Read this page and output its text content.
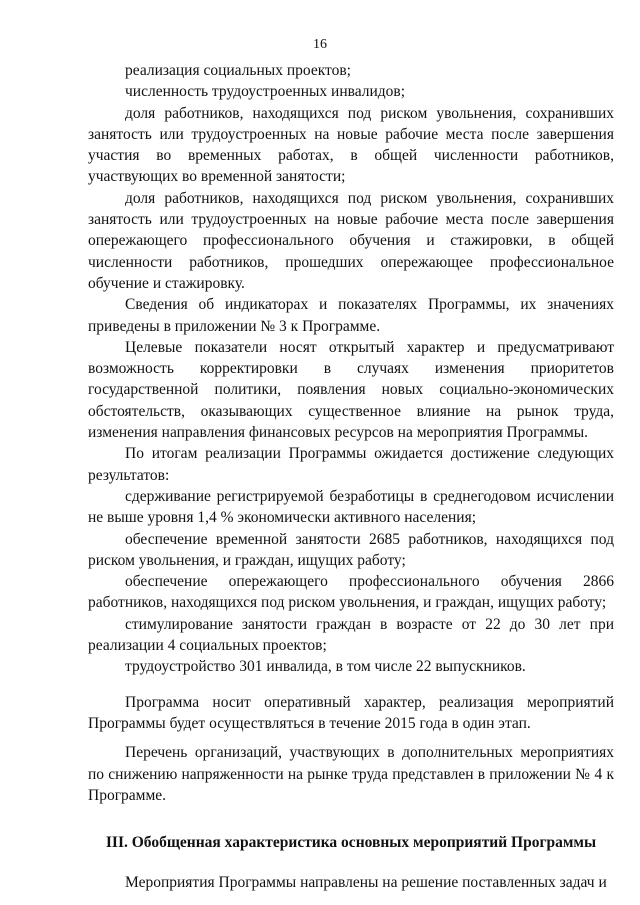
16

реализация социальных проектов;

численность трудоустроенных инвалидов;

доля работников, находящихся под риском увольнения, сохранивших занятость или трудоустроенных на новые рабочие места после завершения участия во временных работах, в общей численности работников, участвующих во временной занятости;

доля работников, находящихся под риском увольнения, сохранивших занятость или трудоустроенных на новые рабочие места после завершения опережающего профессионального обучения и стажировки, в общей численности работников, прошедших опережающее профессиональное обучение и стажировку.

Сведения об индикаторах и показателях Программы, их значениях приведены в приложении № 3 к Программе.

Целевые показатели носят открытый характер и предусматривают возможность корректировки в случаях изменения приоритетов государственной политики, появления новых социально-экономических обстоятельств, оказывающих существенное влияние на рынок труда, изменения направления финансовых ресурсов на мероприятия Программы.

По итогам реализации Программы ожидается достижение следующих результатов:

сдерживание регистрируемой безработицы в среднегодовом исчислении не выше уровня 1,4 % экономически активного населения;

обеспечение временной занятости 2685 работников, находящихся под риском увольнения, и граждан, ищущих работу;

обеспечение опережающего профессионального обучения 2866 работников, находящихся под риском увольнения, и граждан, ищущих работу;

стимулирование занятости граждан в возрасте от 22 до 30 лет при реализации 4 социальных проектов;

трудоустройство 301 инвалида, в том числе 22 выпускников.

Программа носит оперативный характер, реализация мероприятий Программы будет осуществляться в течение 2015 года в один этап.

Перечень организаций, участвующих в дополнительных мероприятиях по снижению напряженности на рынке труда представлен в приложении № 4 к Программе.

III. Обобщенная характеристика основных мероприятий Программы

Мероприятия Программы направлены на решение поставленных задач и
